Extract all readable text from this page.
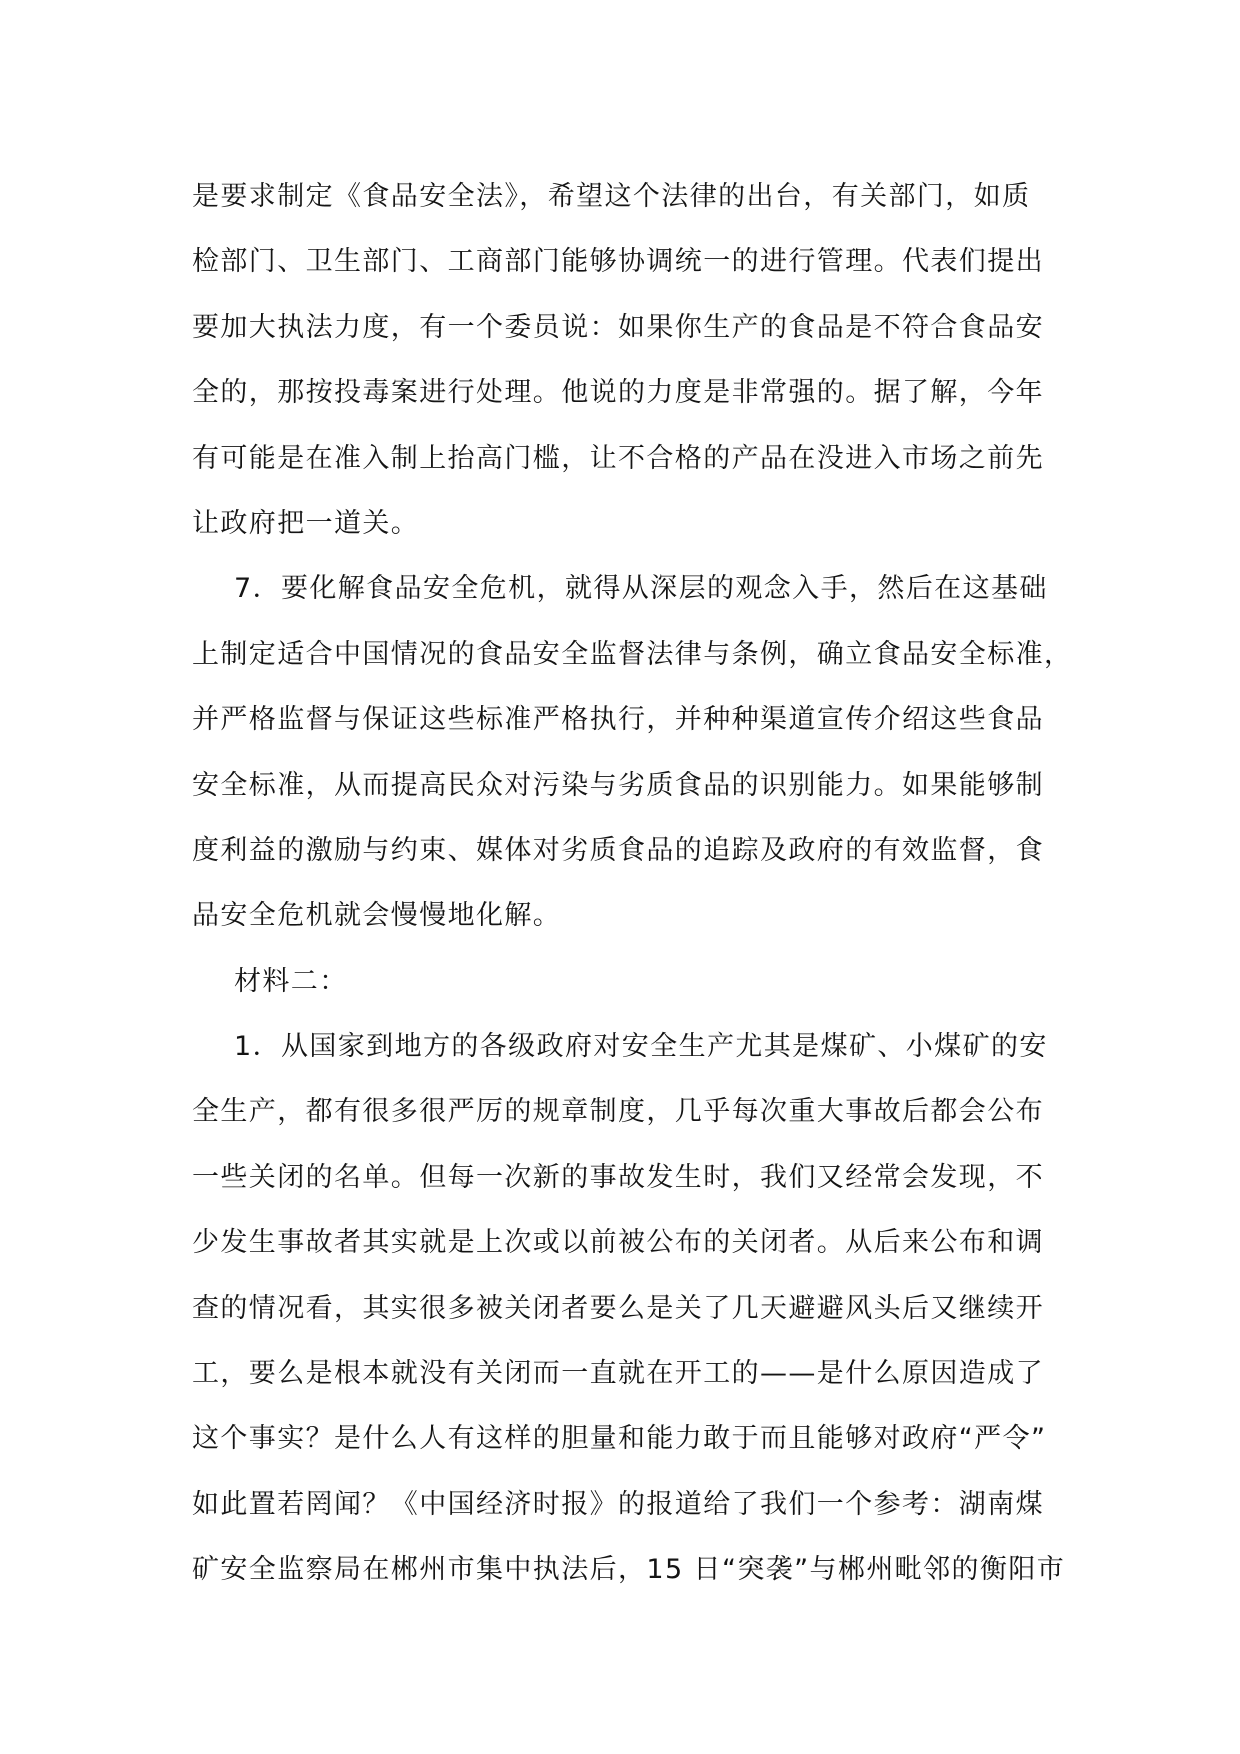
是要求制定《食品安全法》，希望这个法律的出台，有关部门，如质
检部门、卫生部门、工商部门能够协调统一的进行管理。代表们提出
要加大执法力度，有一个委员说：如果你生产的食品是不符合食品安
全的，那按投毒案进行处理。他说的力度是非常强的。据了解，今年
有可能是在准入制上抬高门槛，让不合格的产品在没进入市场之前先
让政府把一道关。
7．要化解食品安全危机，就得从深层的观念入手，然后在这基础
上制定适合中国情况的食品安全监督法律与条例，确立食品安全标准，
并严格监督与保证这些标准严格执行，并种种渠道宣传介绍这些食品
安全标准，从而提高民众对污染与劣质食品的识别能力。如果能够制
度利益的激励与约束、媒体对劣质食品的追踪及政府的有效监督，食
品安全危机就会慢慢地化解。
材料二：
1．从国家到地方的各级政府对安全生产尤其是煤矿、小煤矿的安
全生产，都有很多很严厉的规章制度，几乎每次重大事故后都会公布
一些关闭的名单。但每一次新的事故发生时，我们又经常会发现，不
少发生事故者其实就是上次或以前被公布的关闭者。从后来公布和调
查的情况看，其实很多被关闭者要么是关了几天避避风头后又继续开
工，要么是根本就没有关闭而一直就在开工的——是什么原因造成了
这个事实？是什么人有这样的胆量和能力敢于而且能够对政府“严令”
如此置若罔闻？《中国经济时报》的报道给了我们一个参考：湖南煤
矿安全监察局在郴州市集中执法后，15 日“突袭”与郴州毗邻的衡阳市
